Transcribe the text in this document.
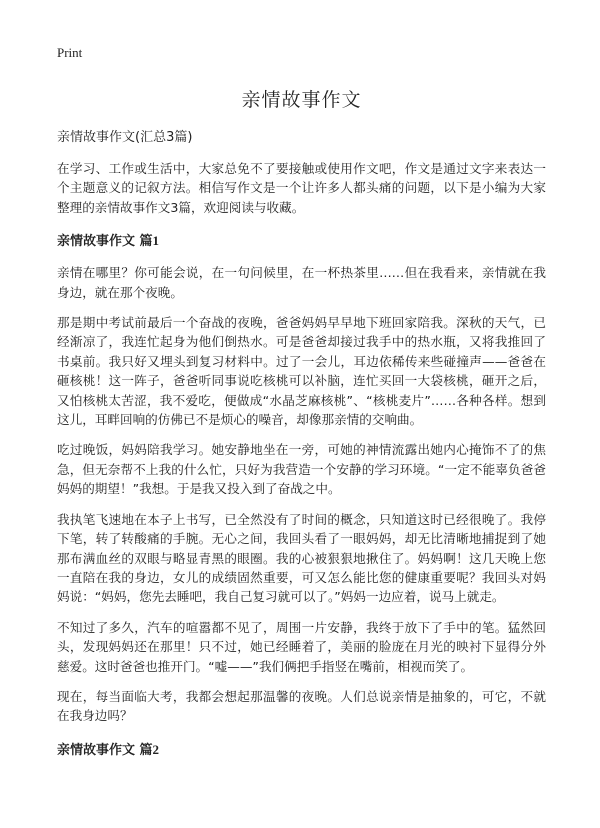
Print
亲情故事作文
亲情故事作文(汇总3篇)

在学习、工作或生活中，大家总免不了要接触或使用作文吧，作文是通过文字来表达一个主题意义的记叙方法。相信写作文是一个让许多人都头痛的问题，以下是小编为大家整理的亲情故事作文3篇，欢迎阅读与收藏。

亲情故事作文 篇1

亲情在哪里？你可能会说，在一句问候里，在一杯热茶里……但在我看来，亲情就在我身边，就在那个夜晚。

那是期中考试前最后一个奋战的夜晚，爸爸妈妈早早地下班回家陪我。深秋的天气，已经渐凉了，我连忙起身为他们倒热水。可是爸爸却接过我手中的热水瓶，又将我推回了书桌前。我只好又埋头到复习材料中。过了一会儿，耳边依稀传来些碰撞声——爸爸在砸核桃！这一阵子，爸爸听同事说吃核桃可以补脑，连忙买回一大袋核桃，砸开之后，又怕核桃太苦涩，我不爱吃，便做成“水晶芝麻核桃”、“核桃麦片”……各种各样。想到这儿，耳畔回响的仿佛已不是烦心的噪音，却像那亲情的交响曲。

吃过晚饭，妈妈陪我学习。她安静地坐在一旁，可她的神情流露出她内心掩饰不了的焦急，但无奈帮不上我的什么忙，只好为我营造一个安静的学习环境。“一定不能辜负爸爸妈妈的期望！”我想。于是我又投入到了奋战之中。

我执笔飞速地在本子上书写，已全然没有了时间的概念，只知道这时已经很晚了。我停下笔，转了转酸痛的手腕。无心之间，我回头看了一眼妈妈，却无比清晰地捕捉到了她那布满血丝的双眼与略显青黑的眼圈。我的心被狠狠地揪住了。妈妈啊！这几天晚上您一直陪在我的身边，女儿的成绩固然重要，可又怎么能比您的健康重要呢？我回头对妈妈说：“妈妈，您先去睡吧，我自己复习就可以了。”妈妈一边应着，说马上就走。

不知过了多久，汽车的喧嚣都不见了，周围一片安静，我终于放下了手中的笔。猛然回头，发现妈妈还在那里！只不过，她已经睡着了，美丽的脸庞在月光的映衬下显得分外慈爱。这时爸爸也推开门。“嘘——”我们俩把手指竖在嘴前，相视而笑了。

现在，每当面临大考，我都会想起那温馨的夜晚。人们总说亲情是抽象的，可它，不就在我身边吗？

亲情故事作文 篇2
